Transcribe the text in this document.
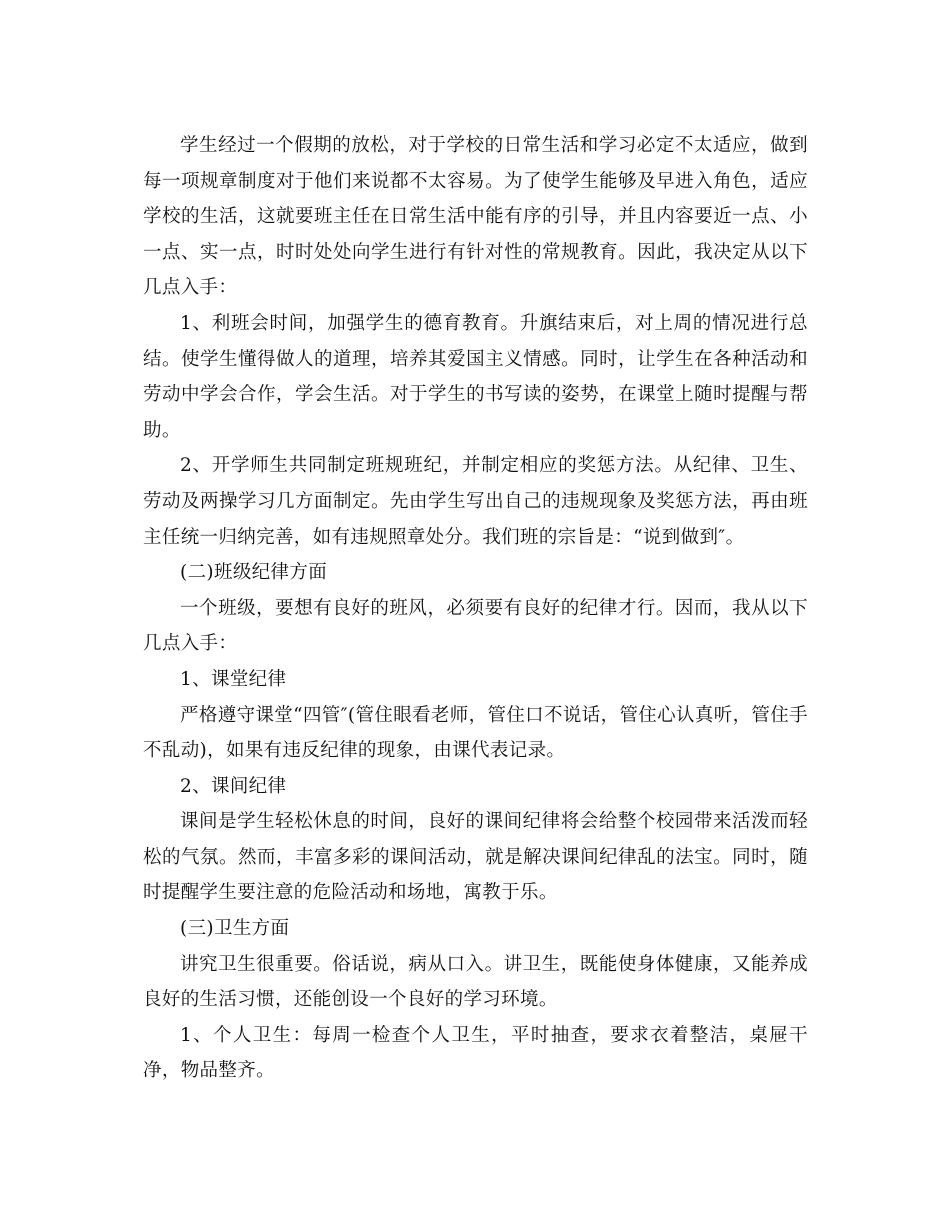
学生经过一个假期的放松，对于学校的日常生活和学习必定不太适应，做到每一项规章制度对于他们来说都不太容易。为了使学生能够及早进入角色，适应学校的生活，这就要班主任在日常生活中能有序的引导，并且内容要近一点、小一点、实一点，时时处处向学生进行有针对性的常规教育。因此，我决定从以下几点入手：

1、利班会时间，加强学生的德育教育。升旗结束后，对上周的情况进行总结。使学生懂得做人的道理，培养其爱国主义情感。同时，让学生在各种活动和劳动中学会合作，学会生活。对于学生的书写读的姿势，在课堂上随时提醒与帮助。

2、开学师生共同制定班规班纪，并制定相应的奖惩方法。从纪律、卫生、劳动及两操学习几方面制定。先由学生写出自己的违规现象及奖惩方法，再由班主任统一归纳完善，如有违规照章处分。我们班的宗旨是：“说到做到″。

(二)班级纪律方面

一个班级，要想有良好的班风，必须要有良好的纪律才行。因而，我从以下几点入手：

1、课堂纪律

严格遵守课堂“四管″(管住眼看老师，管住口不说话，管住心认真听，管住手不乱动)，如果有违反纪律的现象，由课代表记录。

2、课间纪律

课间是学生轻松休息的时间，良好的课间纪律将会给整个校园带来活泼而轻松的气氛。然而，丰富多彩的课间活动，就是解决课间纪律乱的法宝。同时，随时提醒学生要注意的危险活动和场地，寓教于乐。

(三)卫生方面

讲究卫生很重要。俗话说，病从口入。讲卫生，既能使身体健康，又能养成良好的生活习惯，还能创设一个良好的学习环境。

1、个人卫生：每周一检查个人卫生，平时抽查，要求衣着整洁，桌屉干净，物品整齐。
